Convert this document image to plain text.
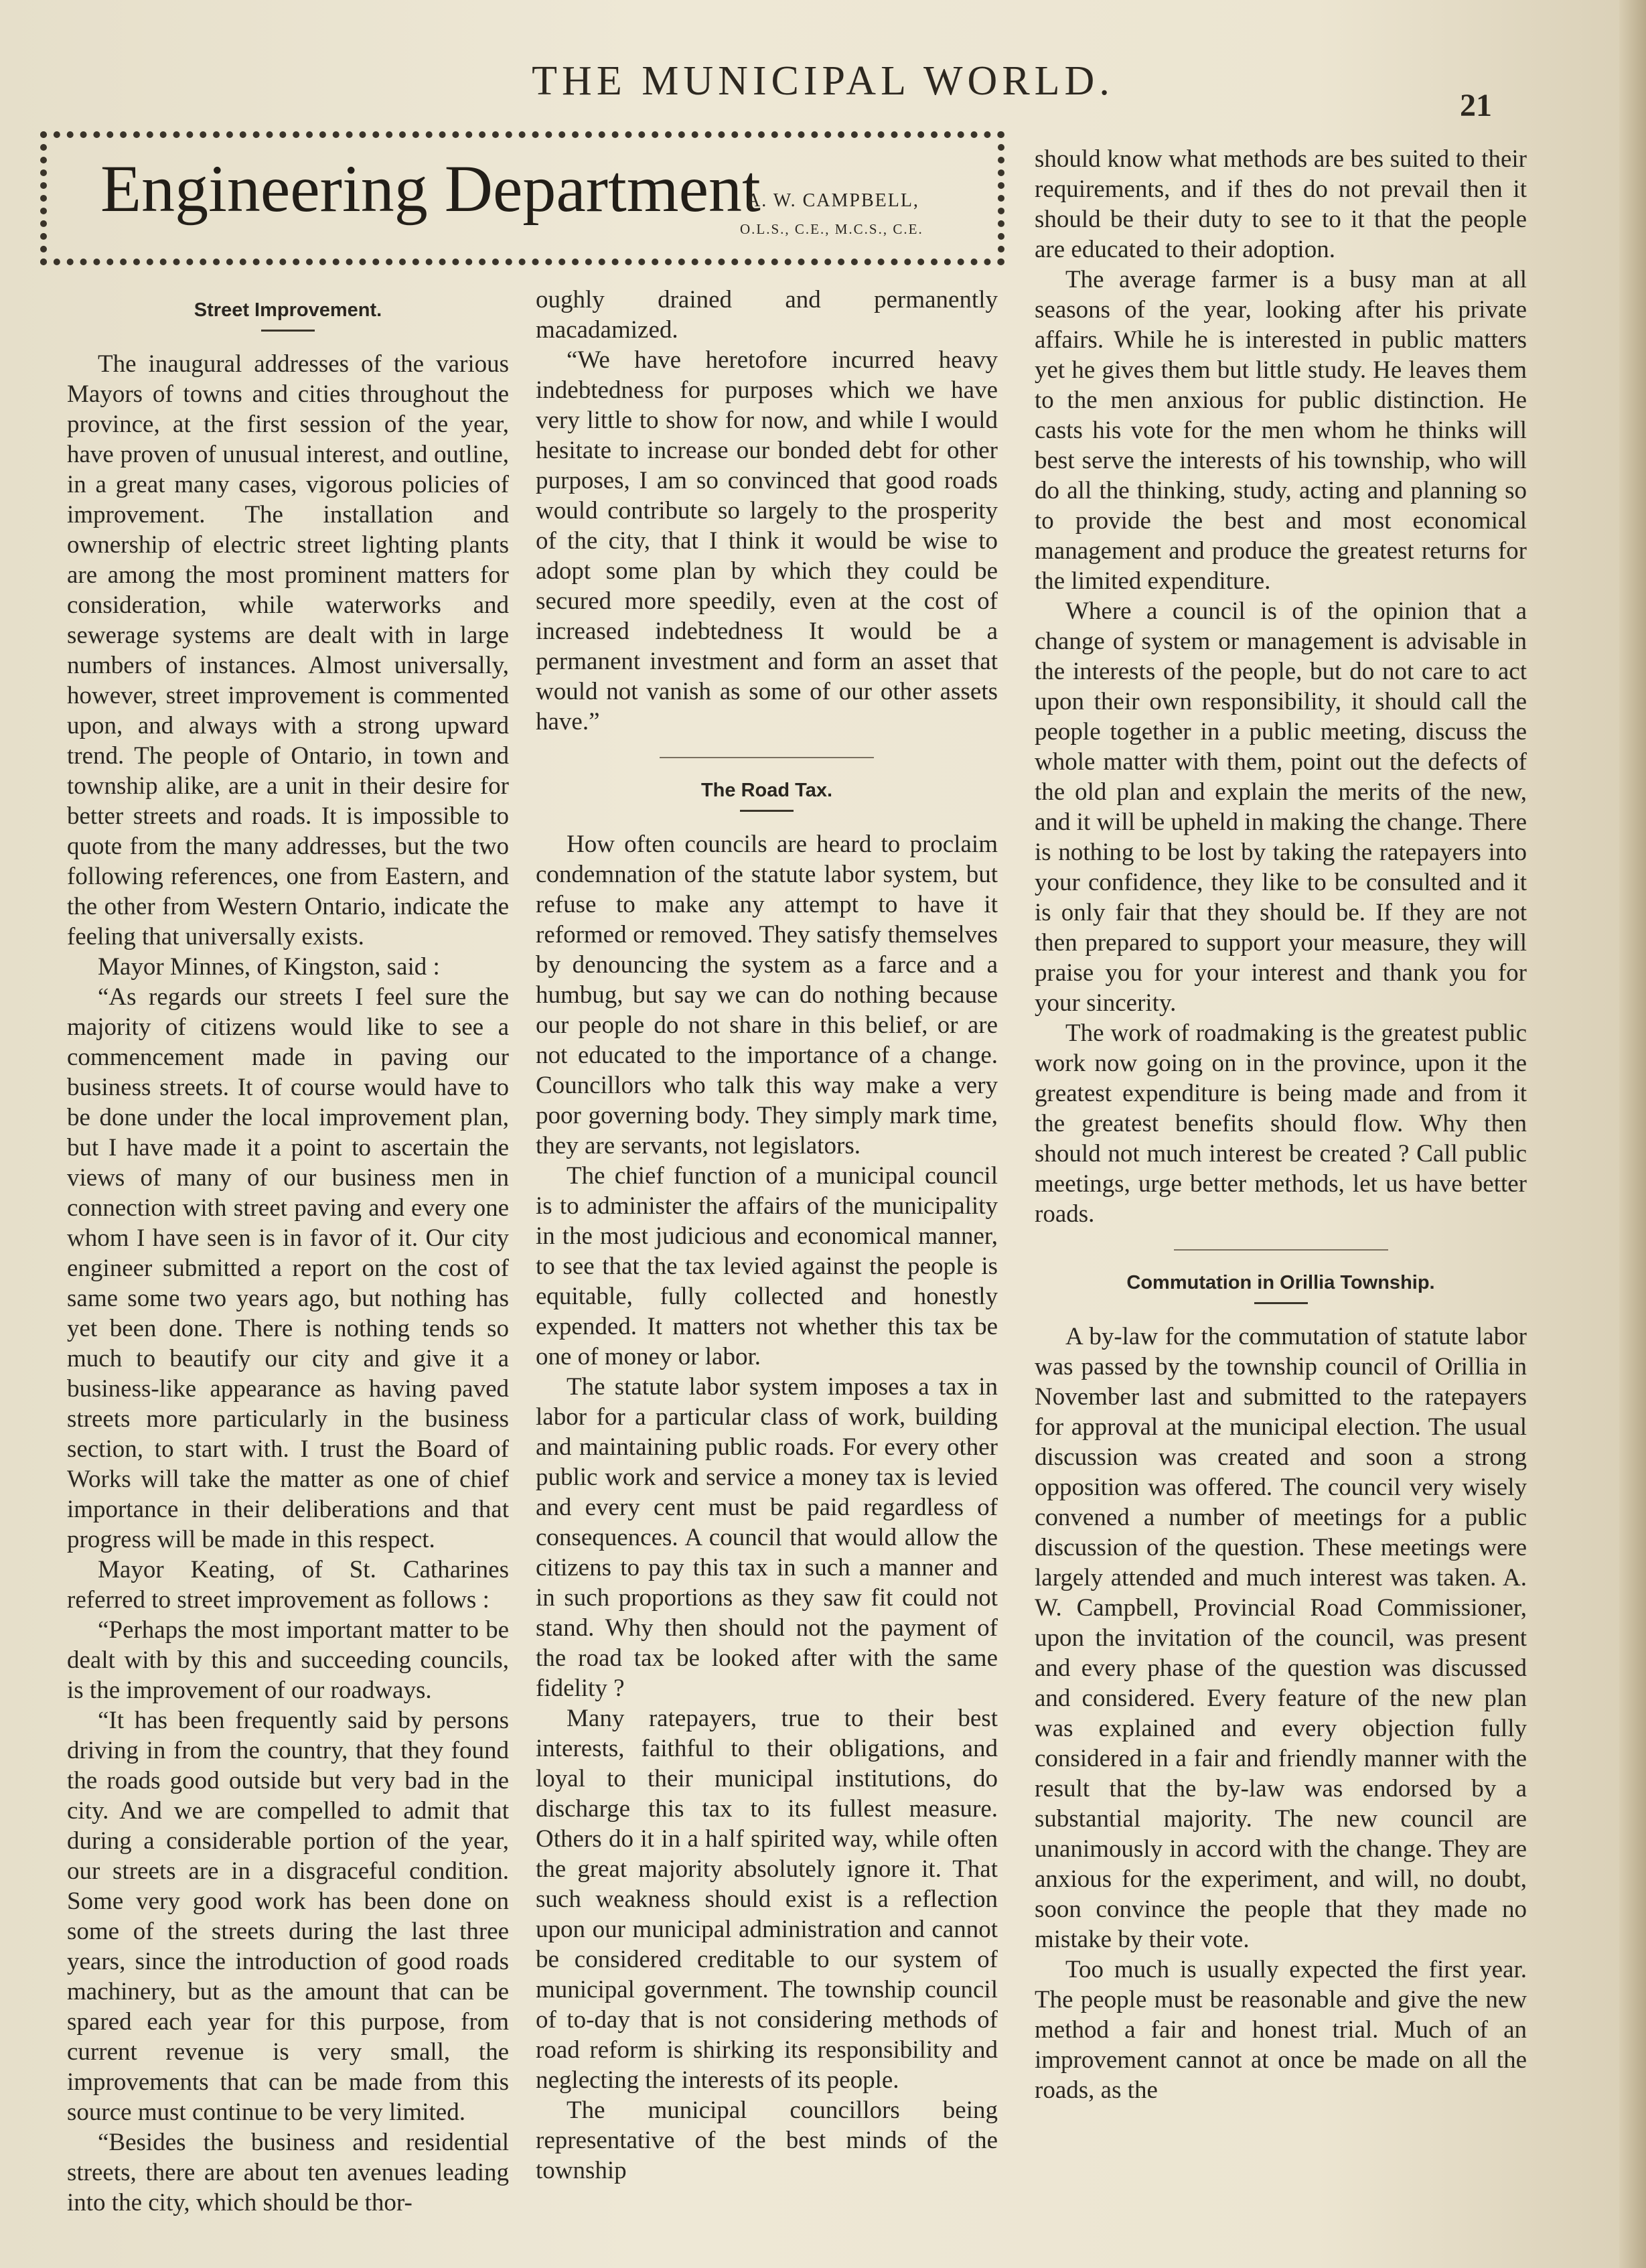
THE MUNICIPAL WORLD.
21
Engineering Department
A. W. CAMPBELL,
O.L.S., C.E., M.C.S., C.E.
Street Improvement.

The inaugural addresses of the various Mayors of towns and cities throughout the province, at the first session of the year, have proven of unusual interest, and outline, in a great many cases, vigorous policies of improvement. The installation and ownership of electric street lighting plants are among the most prominent matters for consideration, while waterworks and sewerage systems are dealt with in large numbers of instances. Almost universally, however, street improvement is commented upon, and always with a strong upward trend. The people of Ontario, in town and township alike, are a unit in their desire for better streets and roads. It is impossible to quote from the many addresses, but the two following references, one from Eastern, and the other from Western Ontario, indicate the feeling that universally exists.

Mayor Minnes, of Kingston, said :

“As regards our streets I feel sure the majority of citizens would like to see a commencement made in paving our business streets. It of course would have to be done under the local improvement plan, but I have made it a point to ascertain the views of many of our business men in connection with street paving and every one whom I have seen is in favor of it. Our city engineer submitted a report on the cost of same some two years ago, but nothing has yet been done. There is nothing tends so much to beautify our city and give it a business-like appearance as having paved streets more particularly in the business section, to start with. I trust the Board of Works will take the matter as one of chief importance in their deliberations and that progress will be made in this respect.

Mayor Keating, of St. Catharines referred to street improvement as follows :

“Perhaps the most important matter to be dealt with by this and succeeding councils, is the improvement of our roadways.

“It has been frequently said by persons driving in from the country, that they found the roads good outside but very bad in the city. And we are compelled to admit that during a considerable portion of the year, our streets are in a disgraceful condition. Some very good work has been done on some of the streets during the last three years, since the introduction of good roads machinery, but as the amount that can be spared each year for this purpose, from current revenue is very small, the improvements that can be made from this source must continue to be very limited.

“Besides the business and residential streets, there are about ten avenues leading into the city, which should be thor-

oughly drained and permanently macadamized.

“We have heretofore incurred heavy indebtedness for purposes which we have very little to show for now, and while I would hesitate to increase our bonded debt for other purposes, I am so convinced that good roads would contribute so largely to the prosperity of the city, that I think it would be wise to adopt some plan by which they could be secured more speedily, even at the cost of increased indebtedness It would be a permanent investment and form an asset that would not vanish as some of our other assets have.”

The Road Tax.

How often councils are heard to proclaim condemnation of the statute labor system, but refuse to make any attempt to have it reformed or removed. They satisfy themselves by denouncing the system as a farce and a humbug, but say we can do nothing because our people do not share in this belief, or are not educated to the importance of a change. Councillors who talk this way make a very poor governing body. They simply mark time, they are servants, not legislators.

The chief function of a municipal council is to administer the affairs of the municipality in the most judicious and economical manner, to see that the tax levied against the people is equitable, fully collected and honestly expended. It matters not whether this tax be one of money or labor.

The statute labor system imposes a tax in labor for a particular class of work, building and maintaining public roads. For every other public work and service a money tax is levied and every cent must be paid regardless of consequences. A council that would allow the citizens to pay this tax in such a manner and in such proportions as they saw fit could not stand. Why then should not the payment of the road tax be looked after with the same fidelity ?

Many ratepayers, true to their best interests, faithful to their obligations, and loyal to their municipal institutions, do discharge this tax to its fullest measure. Others do it in a half spirited way, while often the great majority absolutely ignore it. That such weakness should exist is a reflection upon our municipal administration and cannot be considered creditable to our system of municipal government. The township council of to-day that is not considering methods of road reform is shirking its responsibility and neglecting the interests of its people.

The municipal councillors being representative of the best minds of the township

should know what methods are bes suited to their requirements, and if thes do not prevail then it should be their duty to see to it that the people are educated to their adoption.

The average farmer is a busy man at all seasons of the year, looking after his private affairs. While he is interested in public matters yet he gives them but little study. He leaves them to the men anxious for public distinction. He casts his vote for the men whom he thinks will best serve the interests of his township, who will do all the thinking, study, acting and planning so to provide the best and most economical management and produce the greatest returns for the limited expenditure.

Where a council is of the opinion that a change of system or management is advisable in the interests of the people, but do not care to act upon their own responsibility, it should call the people together in a public meeting, discuss the whole matter with them, point out the defects of the old plan and explain the merits of the new, and it will be upheld in making the change. There is nothing to be lost by taking the ratepayers into your confidence, they like to be consulted and it is only fair that they should be. If they are not then prepared to support your measure, they will praise you for your interest and thank you for your sincerity.

The work of roadmaking is the greatest public work now going on in the province, upon it the greatest expenditure is being made and from it the greatest benefits should flow. Why then should not much interest be created ? Call public meetings, urge better methods, let us have better roads.

Commutation in Orillia Township.

A by-law for the commutation of statute labor was passed by the township council of Orillia in November last and submitted to the ratepayers for approval at the municipal election. The usual discussion was created and soon a strong opposition was offered. The council very wisely convened a number of meetings for a public discussion of the question. These meetings were largely attended and much interest was taken. A. W. Campbell, Provincial Road Commissioner, upon the invitation of the council, was present and every phase of the question was discussed and considered. Every feature of the new plan was explained and every objection fully considered in a fair and friendly manner with the result that the by-law was endorsed by a substantial majority. The new council are unanimously in accord with the change. They are anxious for the experiment, and will, no doubt, soon convince the people that they made no mistake by their vote.

Too much is usually expected the first year. The people must be reasonable and give the new method a fair and honest trial. Much of an improvement cannot at once be made on all the roads, as the
